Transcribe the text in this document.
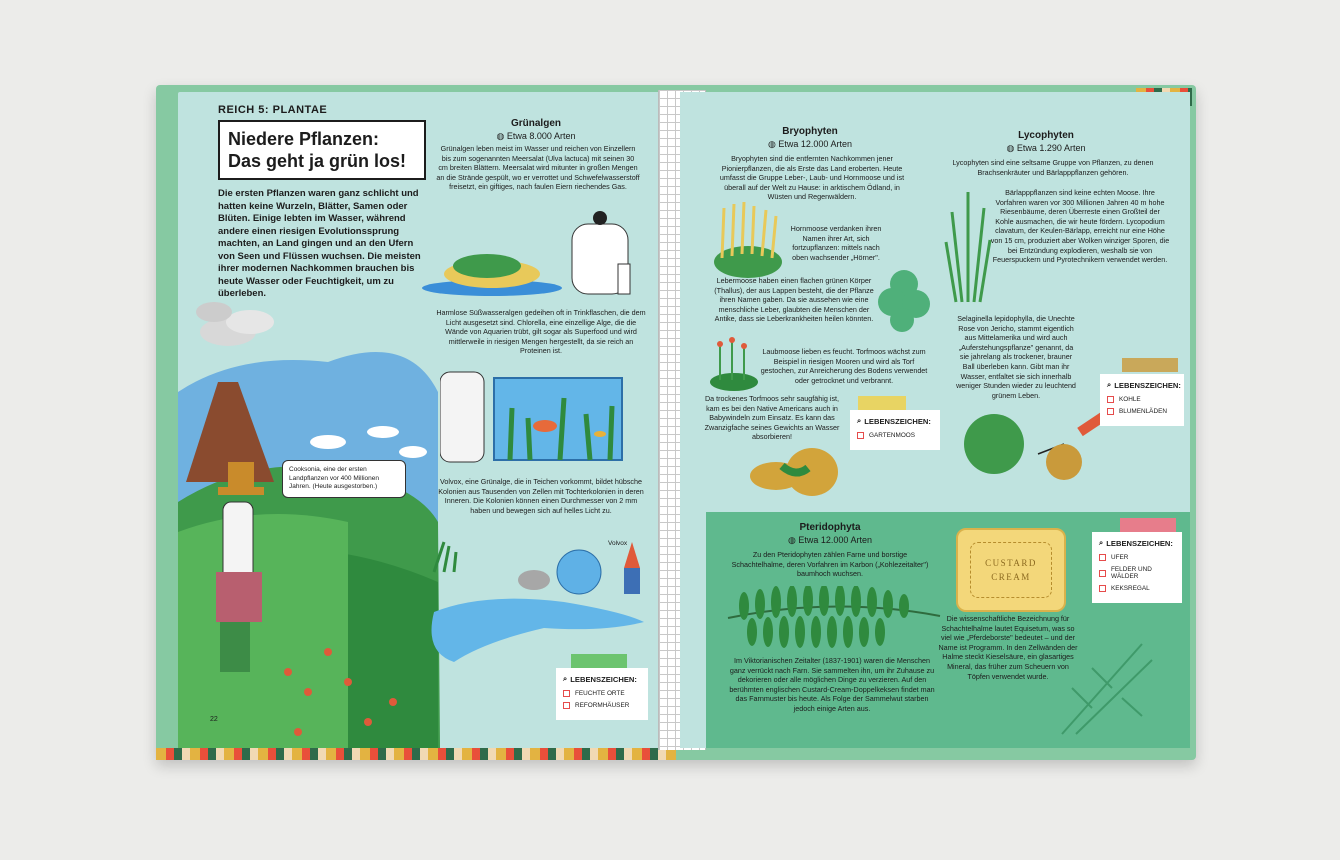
REICH 5: PLANTAE
Niedere Pflanzen:
Das geht ja grün los!
Die ersten Pflanzen waren ganz schlicht und hatten keine Wurzeln, Blätter, Samen oder Blüten. Einige lebten im Wasser, während andere einen riesigen Evolutionssprung machten, an Land gingen und an den Ufern von Seen und Flüssen wuchsen. Die meisten ihrer modernen Nachkommen brauchen bis heute Wasser oder Feuchtigkeit, um zu überleben.
Grünalgen
◍ Etwa 8.000 Arten
Grünalgen leben meist im Wasser und reichen von Einzellern bis zum sogenannten Meersalat (Ulva lactuca) mit seinen 30 cm breiten Blättern. Meersalat wird mitunter in großen Mengen an die Strände gespült, wo er verrottet und Schwefelwasserstoff freisetzt, ein giftiges, nach faulen Eiern riechendes Gas.
Harmlose Süßwasseralgen gedeihen oft in Trinkflaschen, die dem Licht ausgesetzt sind. Chlorella, eine einzellige Alge, die die Wände von Aquarien trübt, gilt sogar als Superfood und wird mittlerweile in riesigen Mengen hergestellt, da sie reich an Proteinen ist.
Volvox, eine Grünalge, die in Teichen vorkommt, bildet hübsche Kolonien aus Tausenden von Zellen mit Tochterkolonien in deren Inneren. Die Kolonien können einen Durchmesser von 2 mm haben und bewegen sich auf helles Licht zu.
Volvox
Cooksonia, eine der ersten Landpflanzen vor 400 Millionen Jahren. (Heute ausgestorben.)
⌕ LEBENSZEICHEN:
FEUCHTE ORTE
REFORMHÄUSER
22
Bryophyten
◍ Etwa 12.000 Arten
Bryophyten sind die entfernten Nachkommen jener Pionierpflanzen, die als Erste das Land eroberten. Heute umfasst die Gruppe Leber-, Laub- und Hornmoose und ist überall auf der Welt zu Hause: in arktischem Ödland, in Wüsten und Regenwäldern.
Hornmoose verdanken ihren Namen ihrer Art, sich fortzupflanzen: mittels nach oben wachsender „Hörner".
Lebermoose haben einen flachen grünen Körper (Thallus), der aus Lappen besteht, die der Pflanze ihren Namen gaben. Da sie aussehen wie eine menschliche Leber, glaubten die Menschen der Antike, dass sie Leberkrankheiten heilen könnten.
Laubmoose lieben es feucht. Torfmoos wächst zum Beispiel in riesigen Mooren und wird als Torf gestochen, zur Anreicherung des Bodens verwendet oder getrocknet und verbrannt.
Da trockenes Torfmoos sehr saugfähig ist, kam es bei den Native Americans auch in Babywindeln zum Einsatz. Es kann das Zwanzigfache seines Gewichts an Wasser absorbieren!
⌕ LEBENSZEICHEN:
GARTENMOOS
Lycophyten
◍ Etwa 1.290 Arten
Lycophyten sind eine seltsame Gruppe von Pflanzen, zu denen Brachsenkräuter und Bärlapppflanzen gehören.
Bärlapppflanzen sind keine echten Moose. Ihre Vorfahren waren vor 300 Millionen Jahren 40 m hohe Riesenbäume, deren Überreste einen Großteil der Kohle ausmachen, die wir heute fördern. Lycopodium clavatum, der Keulen-Bärlapp, erreicht nur eine Höhe von 15 cm, produziert aber Wolken winziger Sporen, die bei Entzündung explodieren, weshalb sie von Feuerspuckern und Pyrotechnikern verwendet werden.
Selaginella lepidophylla, die Unechte Rose von Jericho, stammt eigentlich aus Mittelamerika und wird auch „Auferstehungspflanze" genannt, da sie jahrelang als trockener, brauner Ball überleben kann. Gibt man ihr Wasser, entfaltet sie sich innerhalb weniger Stunden wieder zu leuchtend grünem Leben.
⌕ LEBENSZEICHEN:
KOHLE
BLUMENLÄDEN
Pteridophyta
◍ Etwa 12.000 Arten
Zu den Pteridophyten zählen Farne und borstige Schachtelhalme, deren Vorfahren im Karbon („Kohlezeitalter") baumhoch wuchsen.
Im Viktorianischen Zeitalter (1837-1901) waren die Menschen ganz verrückt nach Farn. Sie sammelten ihn, um ihr Zuhause zu dekorieren oder alle möglichen Dinge zu verzieren. Auf den berühmten englischen Custard-Cream-Doppelkeksen findet man das Farnmuster bis heute. Als Folge der Sammelwut starben jedoch einige Arten aus.
CUSTARD
CREAM
Die wissenschaftliche Bezeichnung für Schachtelhalme lautet Equisetum, was so viel wie „Pferdeborste" bedeutet – und der Name ist Programm. In den Zellwänden der Halme steckt Kieselsäure, ein glasartiges Mineral, das früher zum Scheuern von Töpfen verwendet wurde.
⌕ LEBENSZEICHEN:
UFER
FELDER UND WÄLDER
KEKSREGAL
